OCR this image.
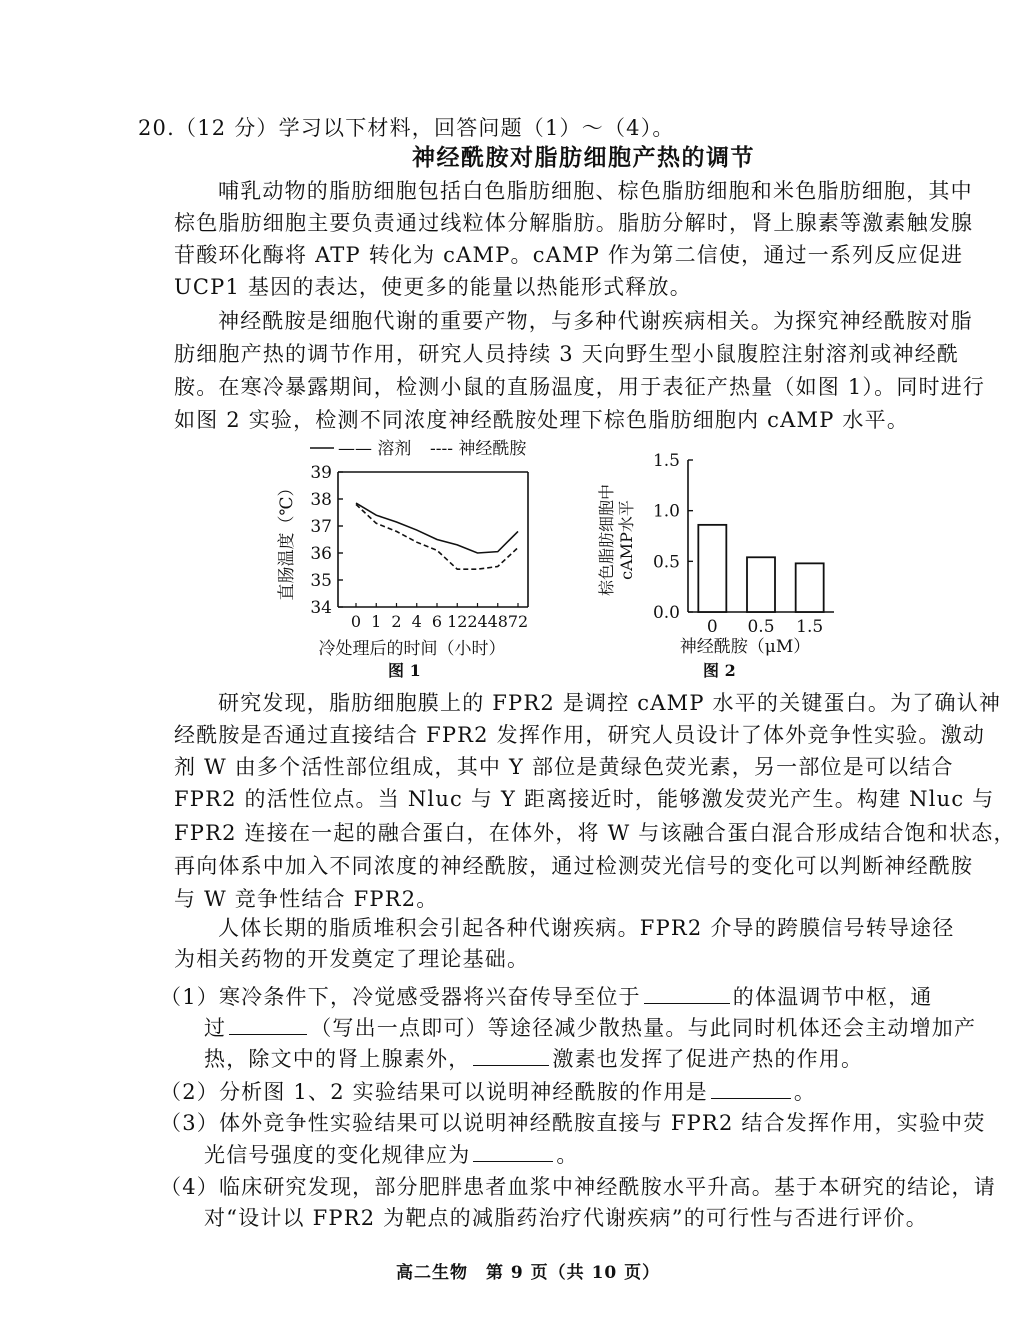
20.（12 分）学习以下材料，回答问题（1）～（4）。
神经酰胺对脂肪细胞产热的调节
哺乳动物的脂肪细胞包括白色脂肪细胞、棕色脂肪细胞和米色脂肪细胞，其中
棕色脂肪细胞主要负责通过线粒体分解脂肪。脂肪分解时，肾上腺素等激素触发腺
苷酸环化酶将 ATP 转化为 cAMP。cAMP 作为第二信使，通过一系列反应促进
UCP1 基因的表达，使更多的能量以热能形式释放。
神经酰胺是细胞代谢的重要产物，与多种代谢疾病相关。为探究神经酰胺对脂
肪细胞产热的调节作用，研究人员持续 3 天向野生型小鼠腹腔注射溶剂或神经酰
胺。在寒冷暴露期间，检测小鼠的直肠温度，用于表征产热量（如图 1）。同时进行
如图 2 实验，检测不同浓度神经酰胺处理下棕色脂肪细胞内 cAMP 水平。
—— 溶剂 ---- 神经酰胺
直肠温度（℃）
34
35
36
37
38
39
0 1 2 4 6 12 24 48 72
冷处理后的时间（小时）
图 1
棕色脂肪细胞中 cAMP水平
0.0
0.5
1.0
1.5
0 0.5 1.5
神经酰胺（μM）
图 2
研究发现，脂肪细胞膜上的 FPR2 是调控 cAMP 水平的关键蛋白。为了确认神
经酰胺是否通过直接结合 FPR2 发挥作用，研究人员设计了体外竞争性实验。激动
剂 W 由多个活性部位组成，其中 Y 部位是黄绿色荧光素，另一部位是可以结合
FPR2 的活性位点。当 Nluc 与 Y 距离接近时，能够激发荧光产生。构建 Nluc 与
FPR2 连接在一起的融合蛋白，在体外，将 W 与该融合蛋白混合形成结合饱和状态，
再向体系中加入不同浓度的神经酰胺，通过检测荧光信号的变化可以判断神经酰胺
与 W 竞争性结合 FPR2。
人体长期的脂质堆积会引起各种代谢疾病。FPR2 介导的跨膜信号转导途径
为相关药物的开发奠定了理论基础。
（1）寒冷条件下，冷觉感受器将兴奋传导至位于	的体温调节中枢，通
过	（写出一点即可）等途径减少散热量。与此同时机体还会主动增加产
热，除文中的肾上腺素外，	激素也发挥了促进产热的作用。
（2）分析图 1、2 实验结果可以说明神经酰胺的作用是	。
（3）体外竞争性实验结果可以说明神经酰胺直接与 FPR2 结合发挥作用，实验中荧
光信号强度的变化规律应为	。
（4）临床研究发现，部分肥胖患者血浆中神经酰胺水平升高。基于本研究的结论，请
对“设计以 FPR2 为靶点的减脂药治疗代谢疾病”的可行性与否进行评价。
高二生物　第 9 页（共 10 页）
